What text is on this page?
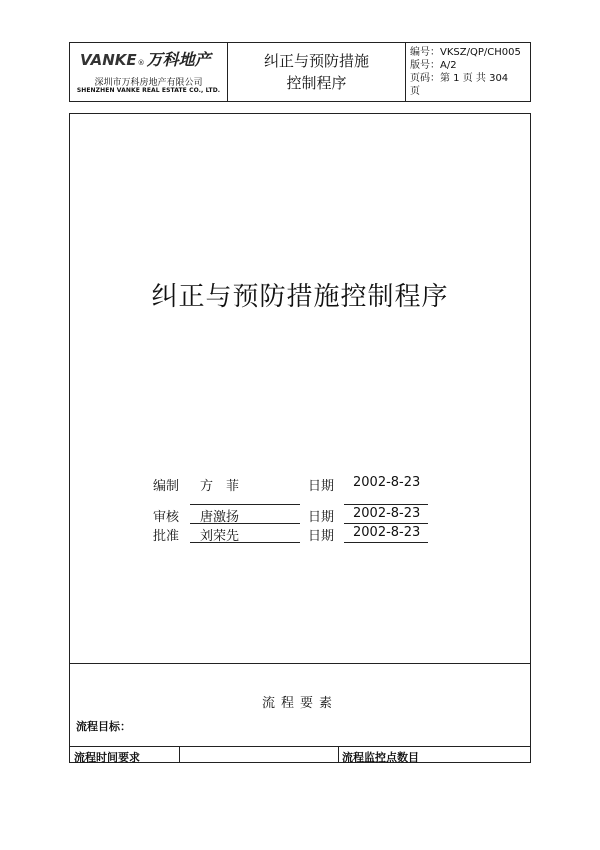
VANKE ® 万科地产
深圳市万科房地产有限公司
SHENZHEN VANKE REAL ESTATE CO., LTD.
纠正与预防措施
控制程序
编号：VKSZ/QP/CH005
版号：A/2
页码：第 1 页 共 304
页
纠正与预防措施控制程序
编制 方　菲	日期 2002-8-23
审核 唐激扬	日期 2002-8-23
批准 刘荣先	日期 2002-8-23
流程要素
流程目标：
流程时间要求	流程监控点数目
